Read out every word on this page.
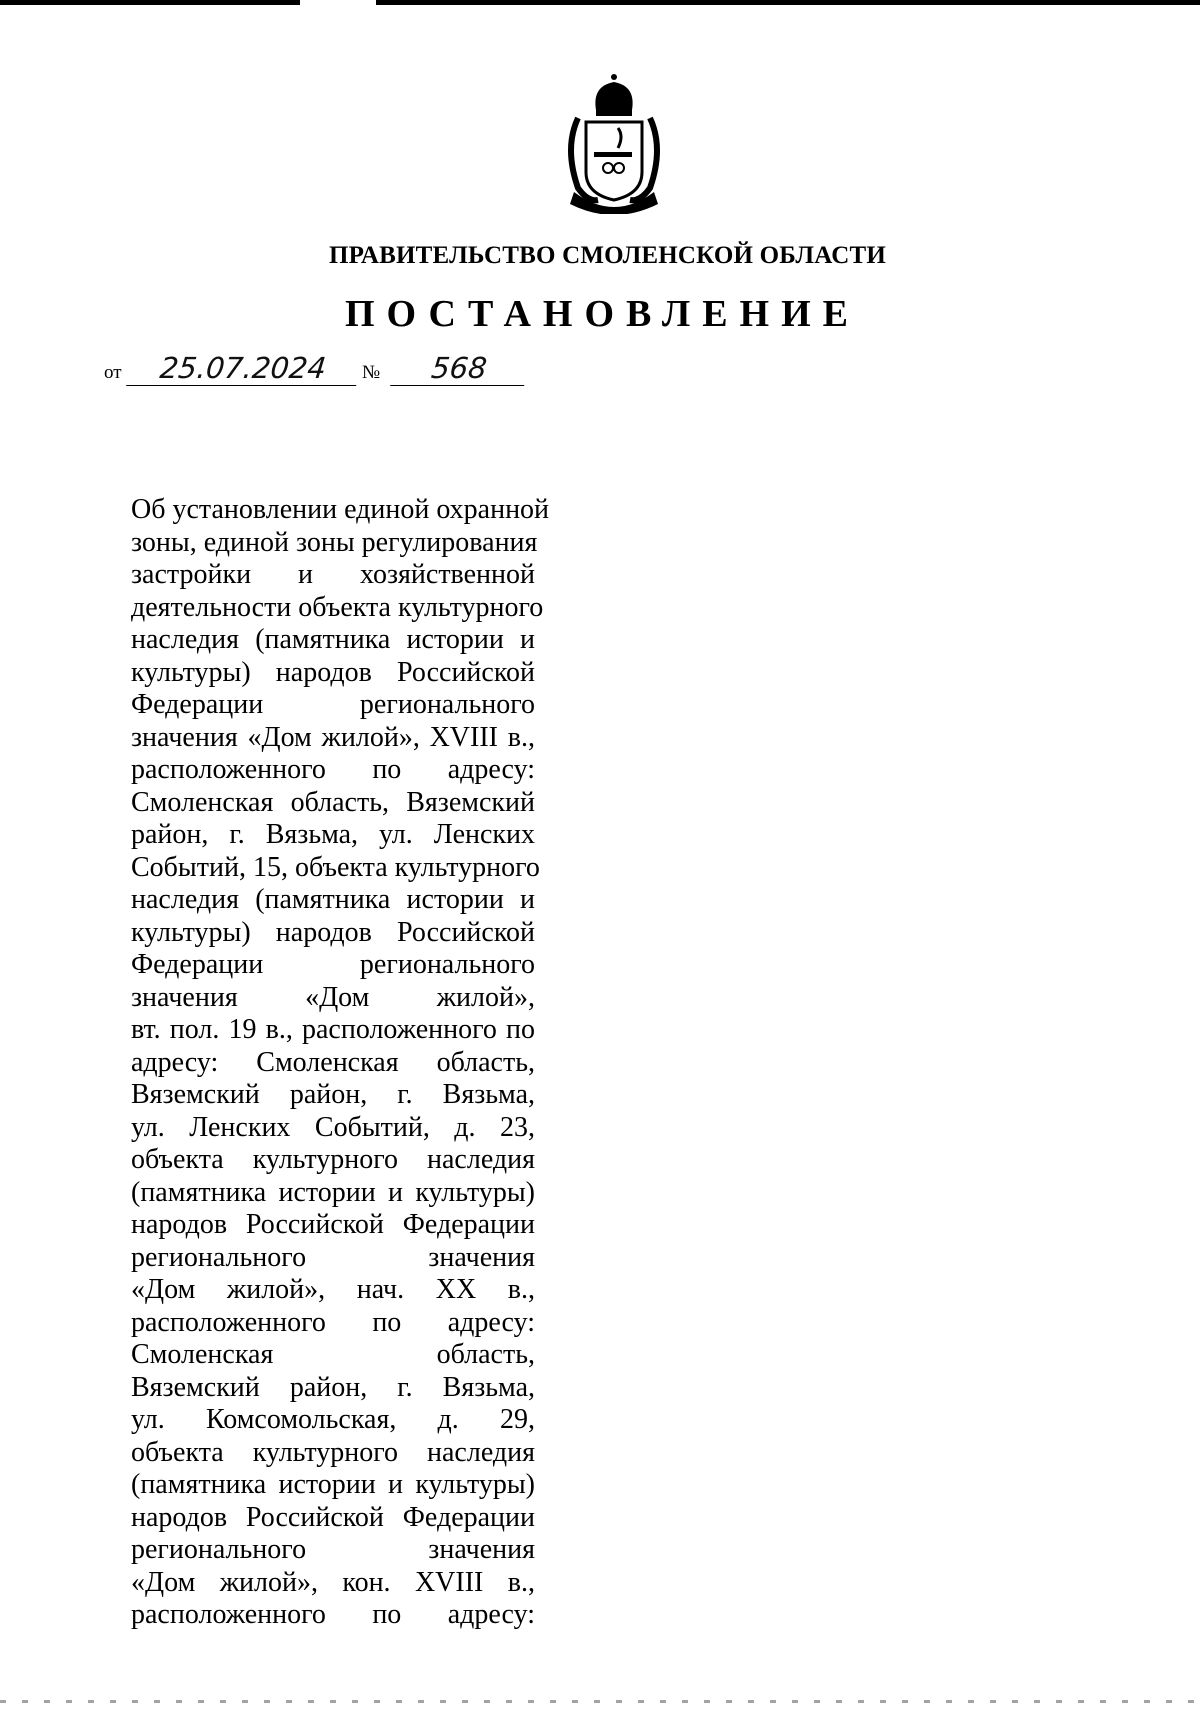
ПРАВИТЕЛЬСТВО СМОЛЕНСКОЙ ОБЛАСТИ
ПОСТАНОВЛЕНИЕ
от	25.07.2024	№	568
Об установлении единой охранной
зоны, единой зоны регулирования
застройки и хозяйственной
деятельности объекта культурного
наследия (памятника истории и
культуры) народов Российской
Федерации регионального
значения «Дом жилой», XVIII в.,
расположенного по адресу:
Смоленская область, Вяземский
район, г. Вязьма, ул. Ленских
Событий, 15, объекта культурного
наследия (памятника истории и
культуры) народов Российской
Федерации регионального
значения «Дом жилой»,
вт. пол. 19 в., расположенного по
адресу: Смоленская область,
Вяземский район, г. Вязьма,
ул. Ленских Событий, д. 23,
объекта культурного наследия
(памятника истории и культуры)
народов Российской Федерации
регионального значения
«Дом жилой», нач. XX в.,
расположенного по адресу:
Смоленская область,
Вяземский район, г. Вязьма,
ул. Комсомольская, д. 29,
объекта культурного наследия
(памятника истории и культуры)
народов Российской Федерации
регионального значения
«Дом жилой», кон. XVIII в.,
расположенного по адресу:
